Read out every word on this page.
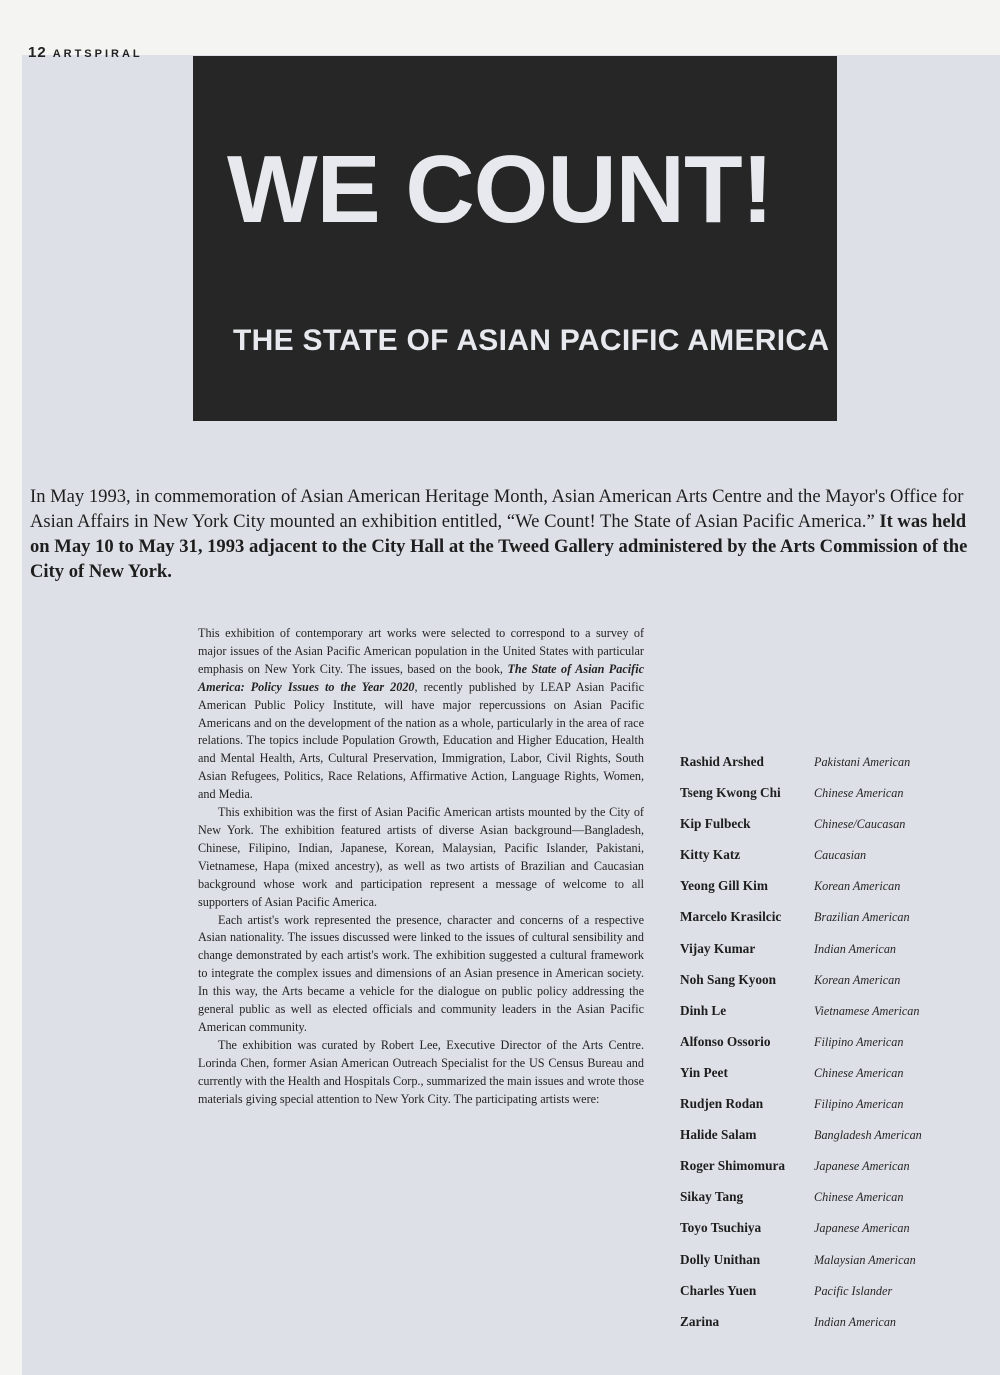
12 ARTSPIRAL

WE COUNT!
THE STATE OF ASIAN PACIFIC AMERICA

In May 1993, in commemoration of Asian American Heritage Month, Asian American Arts Centre and the Mayor's Office for Asian Affairs in New York City mounted an exhibition entitled, “We Count! The State of Asian Pacific America.” It was held on May 10 to May 31, 1993 adjacent to the City Hall at the Tweed Gallery administered by the Arts Commission of the City of New York.

This exhibition of contemporary art works were selected to correspond to a survey of major issues of the Asian Pacific American population in the United States with particular emphasis on New York City. The issues, based on the book, The State of Asian Pacific America: Policy Issues to the Year 2020, recently published by LEAP Asian Pacific American Public Policy Institute, will have major repercussions on Asian Pacific Americans and on the development of the nation as a whole, particularly in the area of race relations. The topics include Population Growth, Education and Higher Education, Health and Mental Health, Arts, Cultural Preservation, Immigration, Labor, Civil Rights, South Asian Refugees, Politics, Race Relations, Affirmative Action, Language Rights, Women, and Media.

This exhibition was the first of Asian Pacific American artists mounted by the City of New York. The exhibition featured artists of diverse Asian background—Bangladesh, Chinese, Filipino, Indian, Japanese, Korean, Malaysian, Pacific Islander, Pakistani, Vietnamese, Hapa (mixed ancestry), as well as two artists of Brazilian and Caucasian background whose work and participation represent a message of welcome to all supporters of Asian Pacific America.

Each artist's work represented the presence, character and concerns of a respective Asian nationality. The issues discussed were linked to the issues of cultural sensibility and change demonstrated by each artist's work. The exhibition suggested a cultural framework to integrate the complex issues and dimensions of an Asian presence in American society. In this way, the Arts became a vehicle for the dialogue on public policy addressing the general public as well as elected officials and community leaders in the Asian Pacific American community.

The exhibition was curated by Robert Lee, Executive Director of the Arts Centre. Lorinda Chen, former Asian American Outreach Specialist for the US Census Bureau and currently with the Health and Hospitals Corp., summarized the main issues and wrote those materials giving special attention to New York City. The participating artists were:

Rashid Arshed	Pakistani American
Tseng Kwong Chi	Chinese American
Kip Fulbeck	Chinese/Caucasan
Kitty Katz	Caucasian
Yeong Gill Kim	Korean American
Marcelo Krasilcic	Brazilian American
Vijay Kumar	Indian American
Noh Sang Kyoon	Korean American
Dinh Le	Vietnamese American
Alfonso Ossorio	Filipino American
Yin Peet	Chinese American
Rudjen Rodan	Filipino American
Halide Salam	Bangladesh American
Roger Shimomura	Japanese American
Sikay Tang	Chinese American
Toyo Tsuchiya	Japanese American
Dolly Unithan	Malaysian American
Charles Yuen	Pacific Islander
Zarina	Indian American
